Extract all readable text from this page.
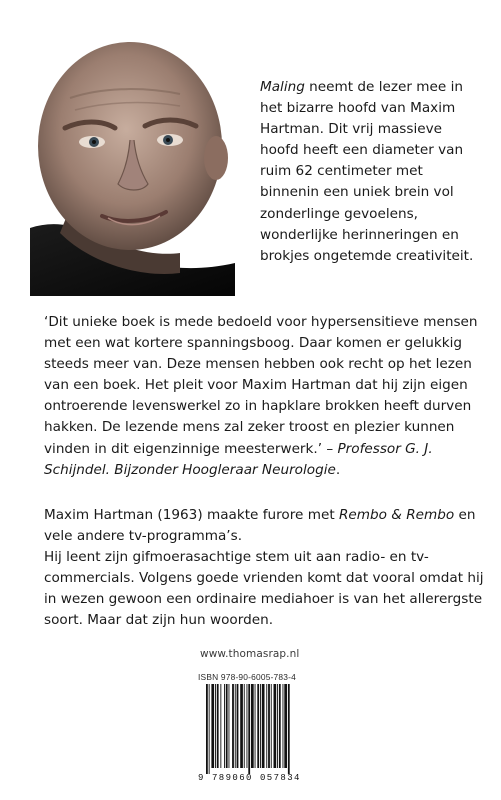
Maling neemt de lezer mee in het bizarre hoofd van Maxim Hartman. Dit vrij massieve hoofd heeft een diameter van ruim 62 centimeter met binnenin een uniek brein vol zonderlinge gevoelens, wonderlijke herinneringen en brokjes ongetemde creativiteit.
‘Dit unieke boek is mede bedoeld voor hypersensitieve mensen met een wat kortere spanningsboog. Daar komen er gelukkig steeds meer van. Deze mensen hebben ook recht op het lezen van een boek. Het pleit voor Maxim Hartman dat hij zijn eigen ontroerende levenswerkel zo in hapklare brokken heeft durven hakken. De lezende mens zal zeker troost en plezier kunnen vinden in dit eigenzinnige meesterwerk.’ – Professor G. J. Schijndel. Bijzonder Hoogleraar Neurologie.
Maxim Hartman (1963) maakte furore met Rembo & Rembo en vele andere tv-programma’s.
Hij leent zijn gifmoerasachtige stem uit aan radio- en tv-commercials. Volgens goede vrienden komt dat vooral omdat hij in wezen gewoon een ordinaire mediahoer is van het allerergste soort. Maar dat zijn hun woorden.
www.thomasrap.nl
ISBN 978-90-6005-783-4
9 789060 057834
